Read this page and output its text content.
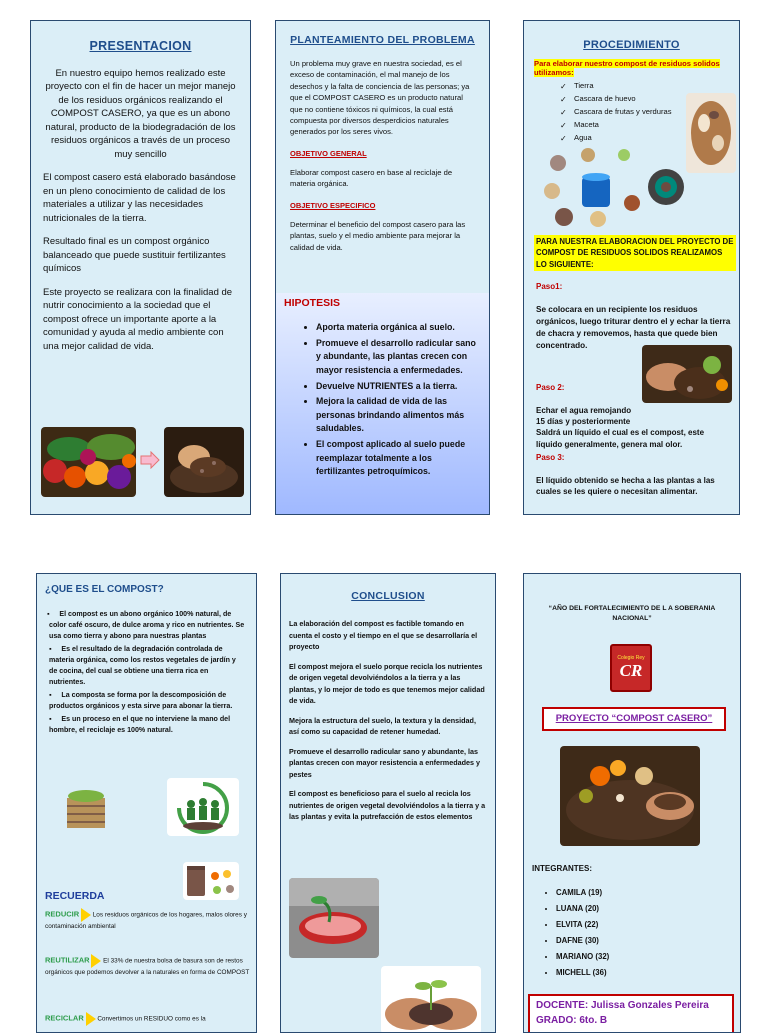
PRESENTACION

En nuestro equipo hemos realizado este proyecto con el fin de hacer un mejor manejo de los residuos orgánicos realizando el COMPOST CASERO, ya que es un abono natural, producto de la biodegradación de los residuos orgánicos a través de un proceso muy sencillo

El compost casero está elaborado basándose en un pleno conocimiento de calidad de los materiales a utilizar y las necesidades nutricionales de la tierra.

Resultado final es un compost orgánico balanceado que puede sustituir fertilizantes químicos

Este proyecto se realizara con la finalidad de nutrir conocimiento a la sociedad que el compost ofrece un importante aporte a la comunidad y ayuda al medio ambiente con una mejor calidad de vida.

PLANTEAMIENTO DEL PROBLEMA

Un problema muy grave en nuestra sociedad, es el exceso de contaminación, el mal manejo de los desechos y la falta de conciencia de las personas; ya que el COMPOST CASERO es un producto natural que no contiene tóxicos ni químicos, la cual está compuesta por diversos desperdicios naturales generados por los seres vivos.

OBJETIVO GENERAL

Elaborar compost casero en base al reciclaje de materia orgánica.

OBJETIVO ESPECIFICO

Determinar el beneficio del compost casero para las plantas, suelo y el medio ambiente para mejorar la calidad de vida.

HIPOTESIS
• Aporta materia orgánica al suelo.
• Promueve el desarrollo radicular sano y abundante, las plantas crecen con mayor resistencia a enfermedades.
• Devuelve NUTRIENTES a la tierra.
• Mejora la calidad de vida de las personas brindando alimentos más saludables.
• El compost aplicado al suelo puede reemplazar totalmente a los fertilizantes petroquímicos.
PROCEDIMIENTO
Para elaborar nuestro compost de residuos solidos utilizamos:
✓ Tierra
✓ Cascara de huevo
✓ Cascara de frutas y verduras
✓ Maceta
✓ Agua
PARA NUESTRA ELABORACION DEL PROYECTO DE COMPOST DE RESIDUOS SOLIDOS REALIZAMOS LO SIGUIENTE:
Paso1:
Se colocara en un recipiente los residuos orgánicos, luego triturar dentro el y echar la tierra de chacra y removemos, hasta que quede bien concentrado.
Paso 2:
Echar el agua remojando
15 días y posteriormente
Saldrá un líquido el cual es el compost, este líquido generalmente, genera mal olor.
Paso 3:
El líquido obtenido se hecha a las plantas a las cuales se les quiere o necesitan alimentar.
¿QUE ES EL COMPOST?
▪     El compost es un abono orgánico 100% natural, de color café oscuro, de dulce aroma y rico en nutrientes. Se usa como tierra y abono para nuestras plantas
▪     Es el resultado de la degradación controlada de materia orgánica, como los restos vegetales de jardín y de cocina, del cual se obtiene una tierra rica en nutrientes.
▪     La composta se forma por la descomposición de productos orgánicos y esta sirve para abonar la tierra.
▪     Es un proceso en el que no interviene la mano del hombre, el reciclaje es 100% natural.
RECUERDA
REDUCIR Los residuos orgánicos de los hogares, malos olores y contaminación ambiental
REUTILIZAR El 33% de nuestra bolsa de basura son de restos orgánicos que podemos devolver a la naturales en forma de COMPOST
RECICLAR Convertimos un RESIDUO como es la
CONCLUSION

La elaboración del compost es factible tomando en cuenta el costo y el tiempo en el que se desarrollaría el proyecto

El compost mejora el suelo porque recicla los nutrientes de origen vegetal devolviéndolos a la tierra y a las plantas, y lo mejor de todo es que tenemos mejor calidad de vida.

Mejora la estructura del suelo, la textura y la densidad, así como su capacidad de retener humedad.

Promueve el desarrollo radicular sano y abundante, las plantas crecen con mayor resistencia a enfermedades y pestes

El compost es beneficioso para el suelo al recicla los nutrientes de origen vegetal devolviéndolos a la tierra y a las plantas y evita la putrefacción de estos elementos

“AÑO DEL FORTALECIMIENTO DE L A SOBERANIA NACIONAL”
Colegio Rey
CR
PROYECTO “COMPOST CASERO”
INTEGRANTES:
• CAMILA (19)
• LUANA (20)
• ELVITA (22)
• DAFNE (30)
• MARIANO (32)
• MICHELL (36)
DOCENTE: Julissa Gonzales Pereira
GRADO: 6to. B
